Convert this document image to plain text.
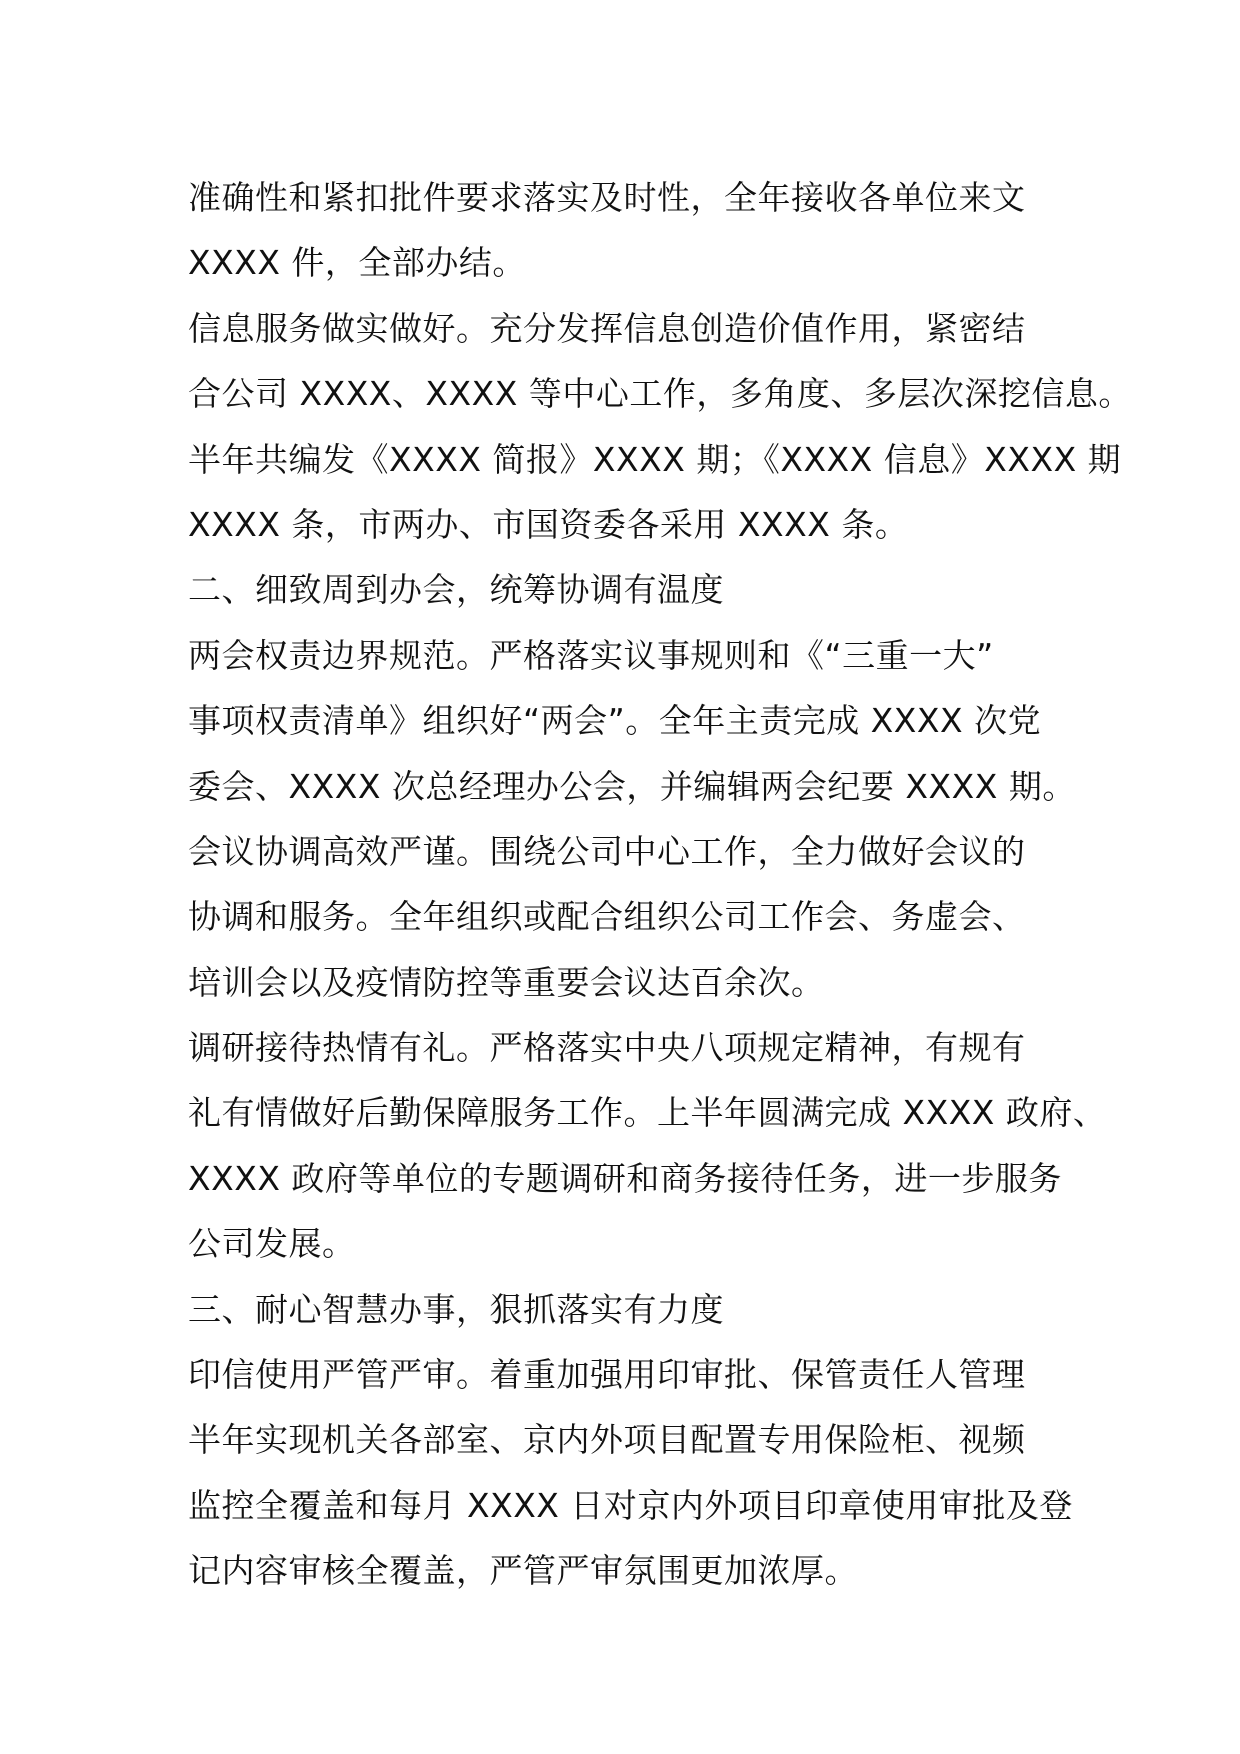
准确性和紧扣批件要求落实及时性，全年接收各单位来文
XXXX 件，全部办结。
信息服务做实做好。充分发挥信息创造价值作用，紧密结
合公司 XXXX、XXXX 等中心工作，多角度、多层次深挖信息。
半年共编发《XXXX 简报》XXXX 期；《XXXX 信息》XXXX 期
XXXX 条，市两办、市国资委各采用 XXXX 条。
二、细致周到办会，统筹协调有温度
两会权责边界规范。严格落实议事规则和《“三重一大”
事项权责清单》组织好“两会”。全年主责完成 XXXX 次党
委会、XXXX 次总经理办公会，并编辑两会纪要 XXXX 期。
会议协调高效严谨。围绕公司中心工作，全力做好会议的
协调和服务。全年组织或配合组织公司工作会、务虚会、
培训会以及疫情防控等重要会议达百余次。
调研接待热情有礼。严格落实中央八项规定精神，有规有
礼有情做好后勤保障服务工作。上半年圆满完成 XXXX 政府、
XXXX 政府等单位的专题调研和商务接待任务，进一步服务
公司发展。
三、耐心智慧办事，狠抓落实有力度
印信使用严管严审。着重加强用印审批、保管责任人管理
半年实现机关各部室、京内外项目配置专用保险柜、视频
监控全覆盖和每月 XXXX 日对京内外项目印章使用审批及登
记内容审核全覆盖，严管严审氛围更加浓厚。
